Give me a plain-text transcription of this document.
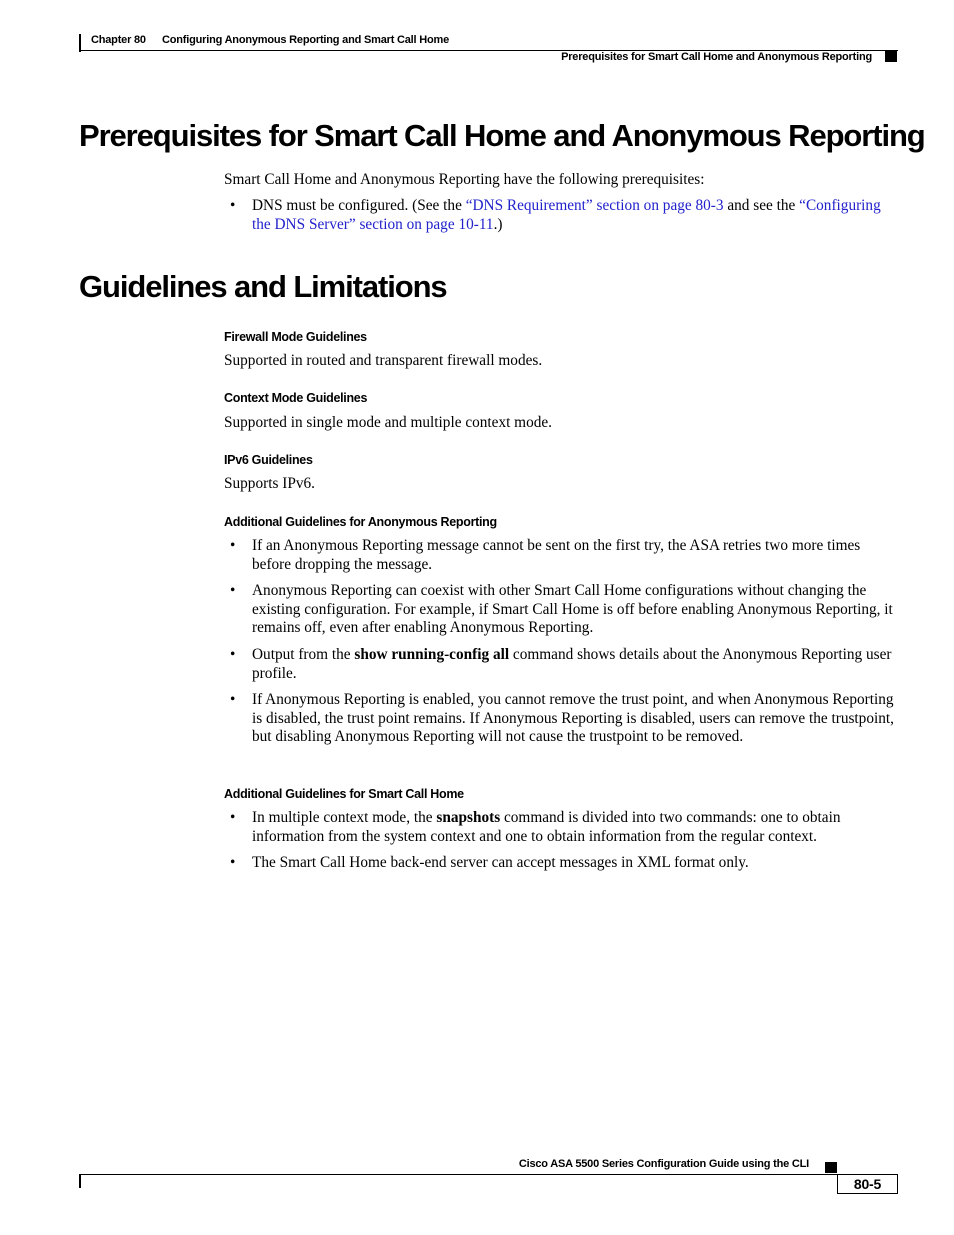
Chapter 80 Configuring Anonymous Reporting and Smart Call Home
Prerequisites for Smart Call Home and Anonymous Reporting
Prerequisites for Smart Call Home and Anonymous Reporting
Smart Call Home and Anonymous Reporting have the following prerequisites:
• DNS must be configured. (See the “DNS Requirement” section on page 80-3 and see the “Configuring the DNS Server” section on page 10-11.)
Guidelines and Limitations
Firewall Mode Guidelines
Supported in routed and transparent firewall modes.
Context Mode Guidelines
Supported in single mode and multiple context mode.
IPv6 Guidelines
Supports IPv6.
Additional Guidelines for Anonymous Reporting
• If an Anonymous Reporting message cannot be sent on the first try, the ASA retries two more times before dropping the message.
• Anonymous Reporting can coexist with other Smart Call Home configurations without changing the existing configuration. For example, if Smart Call Home is off before enabling Anonymous Reporting, it remains off, even after enabling Anonymous Reporting.
• Output from the show running-config all command shows details about the Anonymous Reporting user profile.
• If Anonymous Reporting is enabled, you cannot remove the trust point, and when Anonymous Reporting is disabled, the trust point remains. If Anonymous Reporting is disabled, users can remove the trustpoint, but disabling Anonymous Reporting will not cause the trustpoint to be removed.
Additional Guidelines for Smart Call Home
• In multiple context mode, the snapshots command is divided into two commands: one to obtain information from the system context and one to obtain information from the regular context.
• The Smart Call Home back-end server can accept messages in XML format only.
Cisco ASA 5500 Series Configuration Guide using the CLI
80-5
